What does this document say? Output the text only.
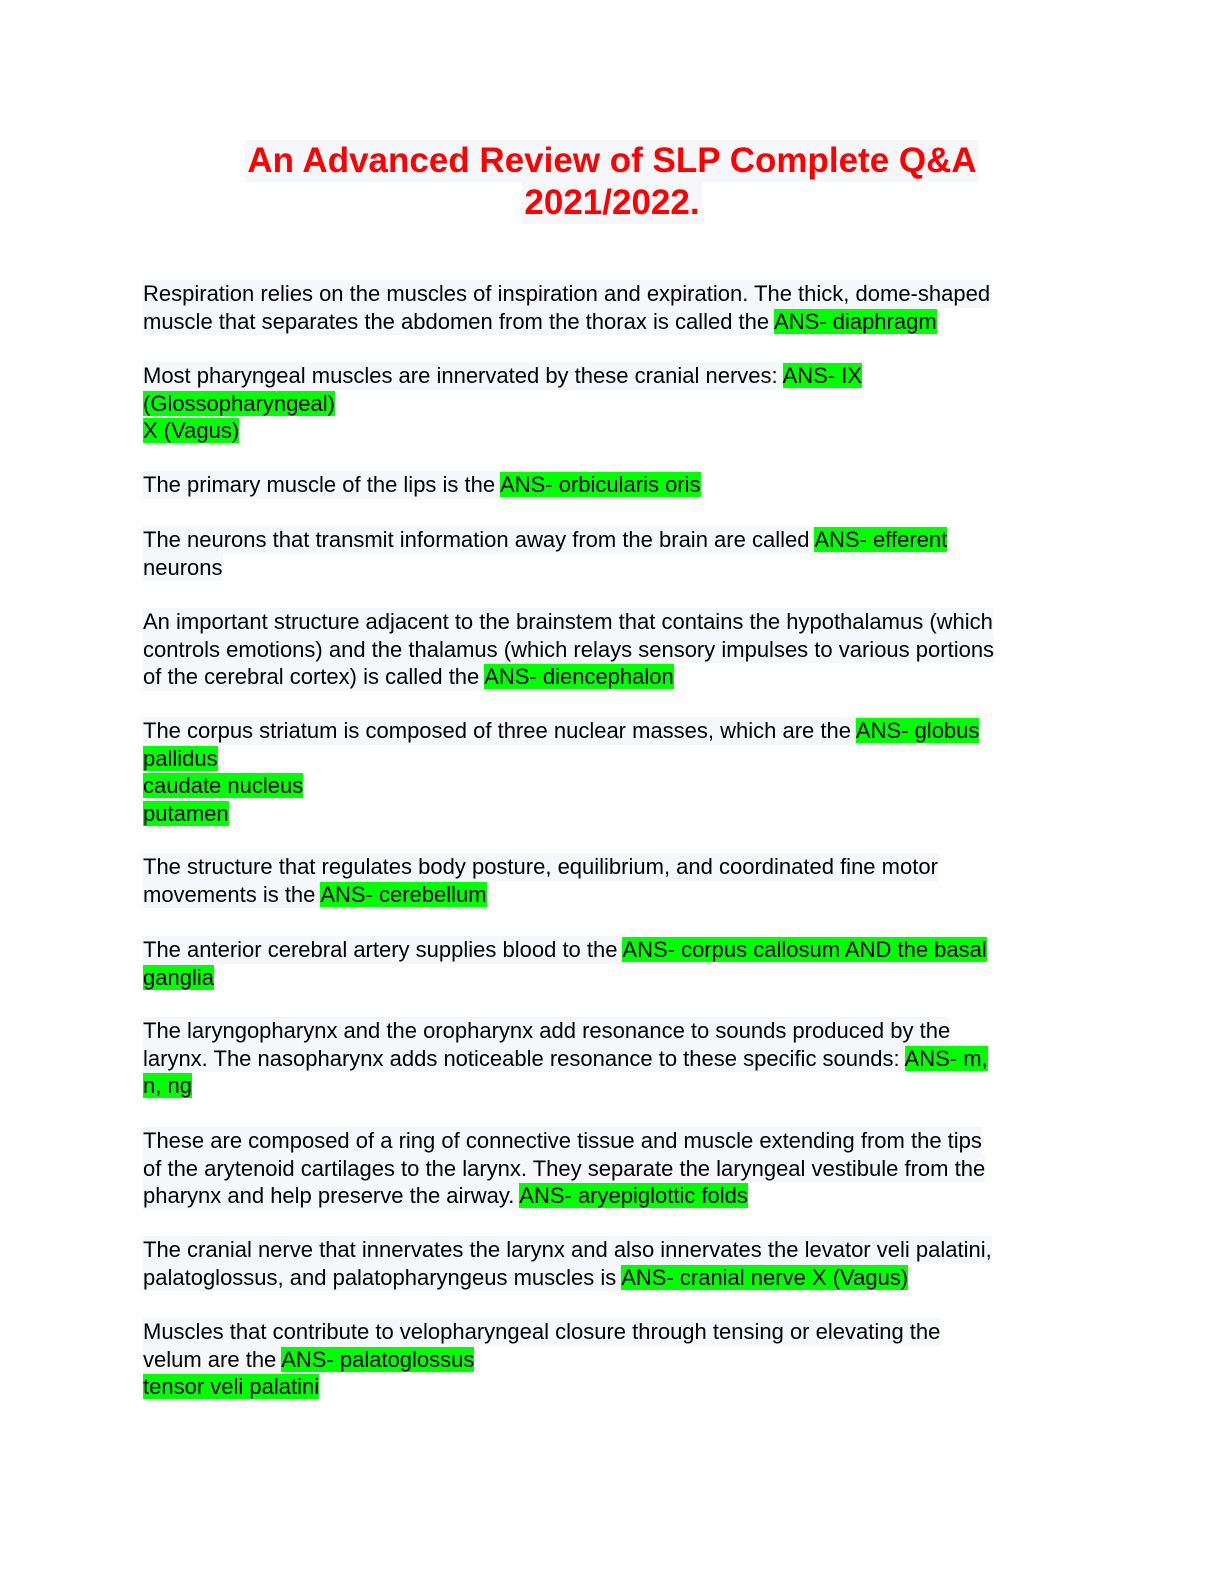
An Advanced Review of SLP Complete Q&A
2021/2022.
Respiration relies on the muscles of inspiration and expiration. The thick, dome-shaped
muscle that separates the abdomen from the thorax is called the ANS- diaphragm
Most pharyngeal muscles are innervated by these cranial nerves: ANS- IX
(Glossopharyngeal)
X (Vagus)
The primary muscle of the lips is the ANS- orbicularis oris
The neurons that transmit information away from the brain are called ANS- efferent
neurons
An important structure adjacent to the brainstem that contains the hypothalamus (which
controls emotions) and the thalamus (which relays sensory impulses to various portions
of the cerebral cortex) is called the ANS- diencephalon
The corpus striatum is composed of three nuclear masses, which are the ANS- globus
pallidus
caudate nucleus
putamen
The structure that regulates body posture, equilibrium, and coordinated fine motor
movements is the ANS- cerebellum
The anterior cerebral artery supplies blood to the ANS- corpus callosum AND the basal
ganglia
The laryngopharynx and the oropharynx add resonance to sounds produced by the
larynx. The nasopharynx adds noticeable resonance to these specific sounds: ANS- m,
n, ng
These are composed of a ring of connective tissue and muscle extending from the tips
of the arytenoid cartilages to the larynx. They separate the laryngeal vestibule from the
pharynx and help preserve the airway. ANS- aryepiglottic folds
The cranial nerve that innervates the larynx and also innervates the levator veli palatini,
palatoglossus, and palatopharyngeus muscles is ANS- cranial nerve X (Vagus)
Muscles that contribute to velopharyngeal closure through tensing or elevating the
velum are the ANS- palatoglossus
tensor veli palatini
